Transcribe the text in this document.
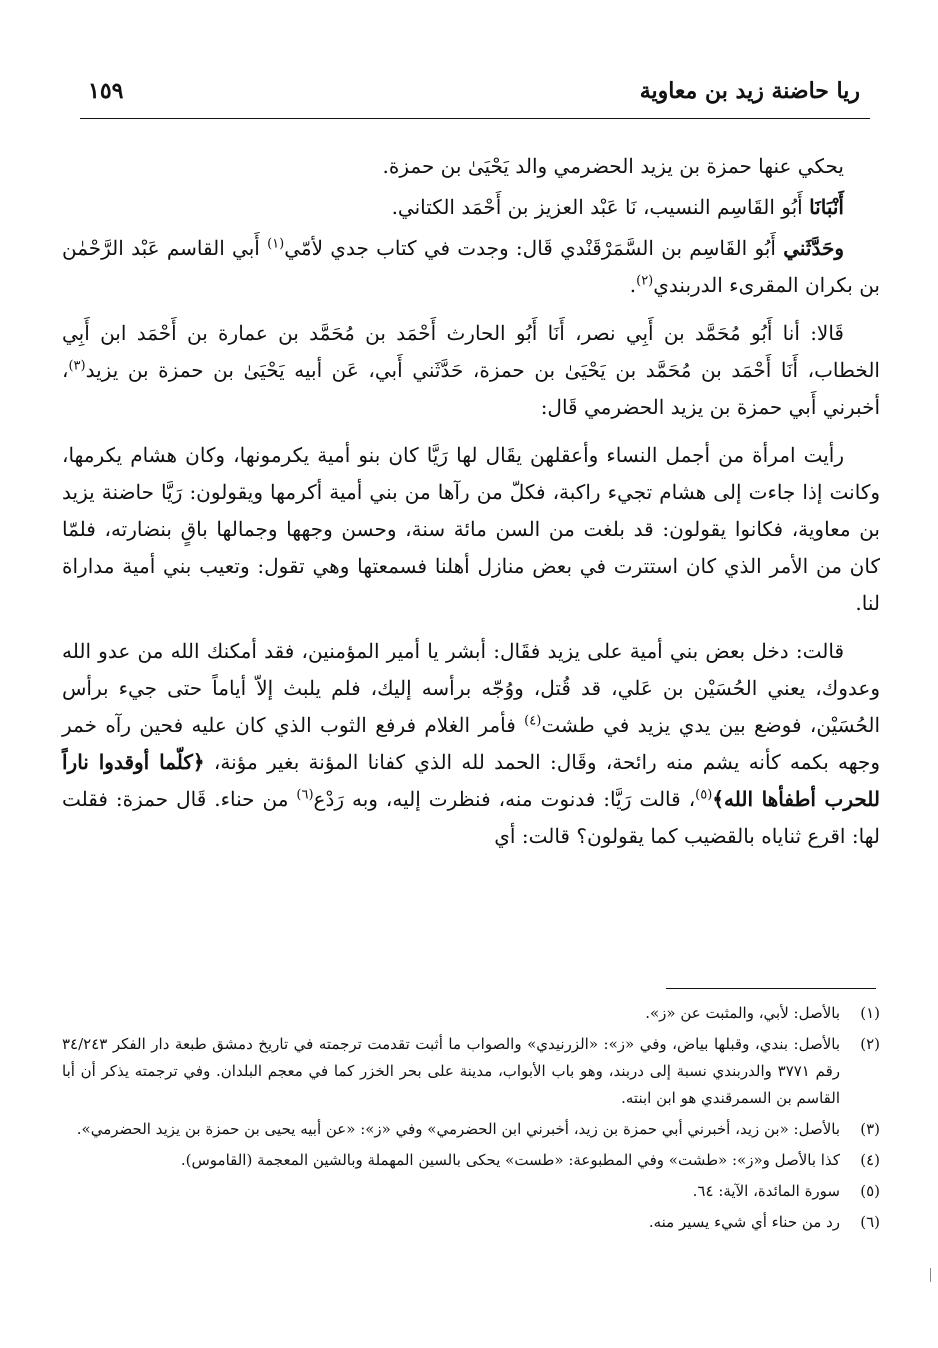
ريا حاضنة زيد بن معاوية
١٥٩

يحكي عنها حمزة بن يزيد الحضرمي والد يَحْيَىٰ بن حمزة.

أَنْبَانَا أَبُو القَاسِم النسيب، نَا عَبْد العزيز بن أَحْمَد الكتاني.

وحَدَّثَني أَبُو القَاسِم بن السَّمَرْقَنْدي قَال: وجدت في كتاب جدي لأمّي$^{(١)}$ أَبي القاسم عَبْد الرَّحْمٰن بن بكران المقرىء الدربندي$^{(٢)}$.

قَالا: أنا أَبُو مُحَمَّد بن أَبِي نصر، أَنَا أَبُو الحارث أَحْمَد بن مُحَمَّد بن عمارة بن أَحْمَد ابن أَبِي الخطاب، أَنَا أَحْمَد بن مُحَمَّد بن يَحْيَىٰ بن حمزة، حَدَّثَني أَبي، عَن أبيه يَحْيَىٰ بن حمزة بن يزيد$^{(٣)}$، أخبرني أَبي حمزة بن يزيد الحضرمي قَال:

رأيت امرأة من أجمل النساء وأعقلهن يقَال لها رَيَّا كان بنو أمية يكرمونها، وكان هشام يكرمها، وكانت إذا جاءت إلى هشام تجيء راكبة، فكلّ من رآها من بني أمية أكرمها ويقولون: رَيَّا حاضنة يزيد بن معاوية، فكانوا يقولون: قد بلغت من السن مائة سنة، وحسن وجهها وجمالها باقٍ بنضارته، فلمّا كان من الأمر الذي كان استترت في بعض منازل أهلنا فسمعتها وهي تقول: وتعيب بني أمية مداراة لنا.

قالت: دخل بعض بني أمية على يزيد فقَال: أبشر يا أمير المؤمنين، فقد أمكنك الله من عدو الله وعدوك، يعني الحُسَيْن بن عَلي، قد قُتل، ووُجّه برأسه إليك، فلم يلبث إلاّ أياماً حتى جيء برأس الحُسَيْن، فوضع بين يدي يزيد في طشت$^{(٤)}$ فأمر الغلام فرفع الثوب الذي كان عليه فحين رآه خمر وجهه بكمه كأنه يشم منه رائحة، وقَال: الحمد لله الذي كفانا المؤنة بغير مؤنة، ﴿كلّما أوقدوا ناراً للحرب أطفأها الله﴾$^{(٥)}$، قالت رَيَّا: فدنوت منه، فنظرت إليه، وبه رَدْع$^{(٦)}$ من حناء. قَال حمزة: فقلت لها: اقرع ثناياه بالقضيب كما يقولون؟ قالت: أي

(١)
بالأصل: لأبي، والمثبت عن «ز».
(٢)
بالأصل: بندي، وقبلها بياض، وفي «ز»: «الزرنيدي» والصواب ما أثبت تقدمت ترجمته في تاريخ دمشق طبعة دار الفكر ٣٤/٢٤٣ رقم ٣٧٧١ والدربندي نسبة إلى دربند، وهو باب الأبواب، مدينة على بحر الخزر كما في معجم البلدان. وفي ترجمته يذكر أن أبا القاسم بن السمرقندي هو ابن ابنته.
(٣)
بالأصل: «بن زيد، أخبرني أبي حمزة بن زيد، أخبرني ابن الحضرمي» وفي «ز»: «عن أبيه يحيى بن حمزة بن يزيد الحضرمي».
(٤)
كذا بالأصل و«ز»: «طشت» وفي المطبوعة: «طست» يحكى بالسين المهملة وبالشين المعجمة (القاموس).
(٥)
سورة المائدة، الآية: ٦٤.
(٦)
رد من حناء أي شيء يسير منه.
